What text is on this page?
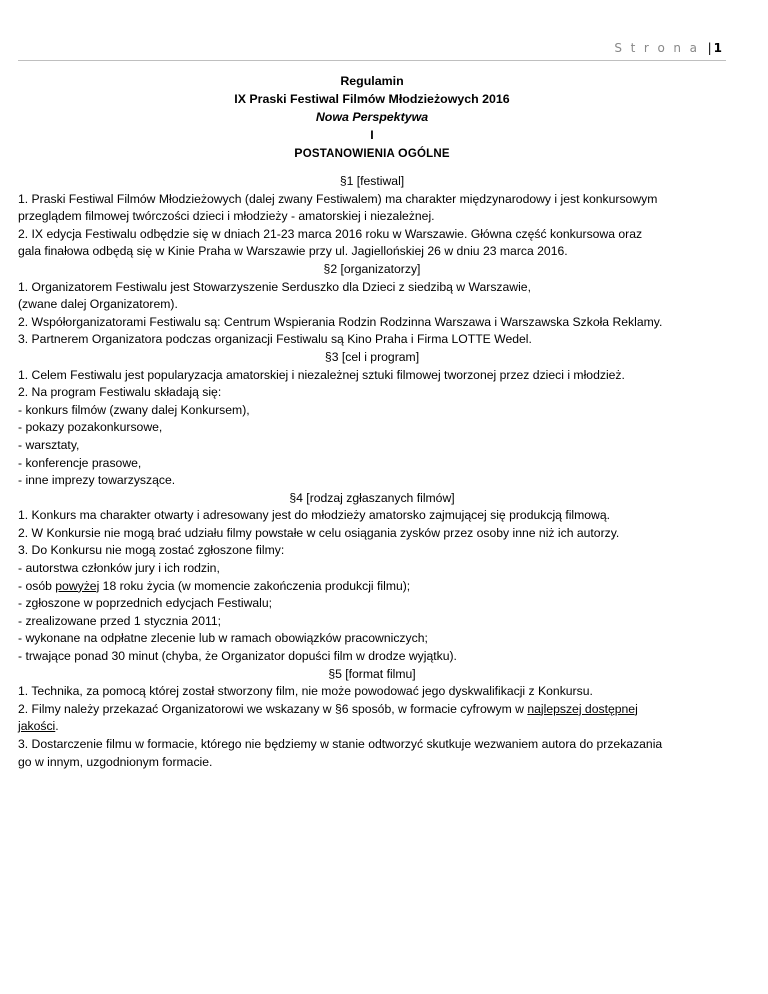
S t r o n a | 1
Regulamin
IX Praski Festiwal Filmów Młodzieżowych 2016
Nowa Perspektywa
I
POSTANOWIENIA OGÓLNE

§1 [festiwal]

1. Praski Festiwal Filmów Młodzieżowych (dalej zwany Festiwalem) ma charakter międzynarodowy i jest konkursowym

przeglądem filmowej twórczości dzieci i młodzieży - amatorskiej i niezależnej.

2. IX edycja Festiwalu odbędzie się w dniach 21-23 marca 2016 roku w Warszawie. Główna część konkursowa oraz

gala finałowa odbędą się w Kinie Praha w Warszawie przy ul. Jagiellońskiej 26 w dniu 23 marca 2016.

§2 [organizatorzy]

1. Organizatorem Festiwalu jest Stowarzyszenie Serduszko dla Dzieci z siedzibą w Warszawie,

(zwane dalej Organizatorem).

2. Współorganizatorami Festiwalu są: Centrum Wspierania Rodzin Rodzinna Warszawa i Warszawska Szkoła Reklamy.

3. Partnerem Organizatora podczas organizacji Festiwalu są Kino Praha i Firma LOTTE Wedel.

§3 [cel i program]

1. Celem Festiwalu jest popularyzacja amatorskiej i niezależnej sztuki filmowej tworzonej przez dzieci i młodzież.

2. Na program Festiwalu składają się:

- konkurs filmów (zwany dalej Konkursem),

- pokazy pozakonkursowe,

- warsztaty,

- konferencje prasowe,

- inne imprezy towarzyszące.

§4 [rodzaj zgłaszanych filmów]

1. Konkurs ma charakter otwarty i adresowany jest do młodzieży amatorsko zajmującej się produkcją filmową.

2. W Konkursie nie mogą brać udziału filmy powstałe w celu osiągania zysków przez osoby inne niż ich autorzy.

3. Do Konkursu nie mogą zostać zgłoszone filmy:

- autorstwa członków jury i ich rodzin,

- osób powyżej 18 roku życia (w momencie zakończenia produkcji filmu);

- zgłoszone w poprzednich edycjach Festiwalu;

- zrealizowane przed 1 stycznia 2011;

- wykonane na odpłatne zlecenie lub w ramach obowiązków pracowniczych;

- trwające ponad 30 minut (chyba, że Organizator dopuści film w drodze wyjątku).

§5 [format filmu]

1. Technika, za pomocą której został stworzony film, nie może powodować jego dyskwalifikacji z Konkursu.

2. Filmy należy przekazać Organizatorowi we wskazany w §6 sposób, w formacie cyfrowym w najlepszej dostępnej

jakości.

3. Dostarczenie filmu w formacie, którego nie będziemy w stanie odtworzyć skutkuje wezwaniem autora do przekazania

go w innym, uzgodnionym formacie.
